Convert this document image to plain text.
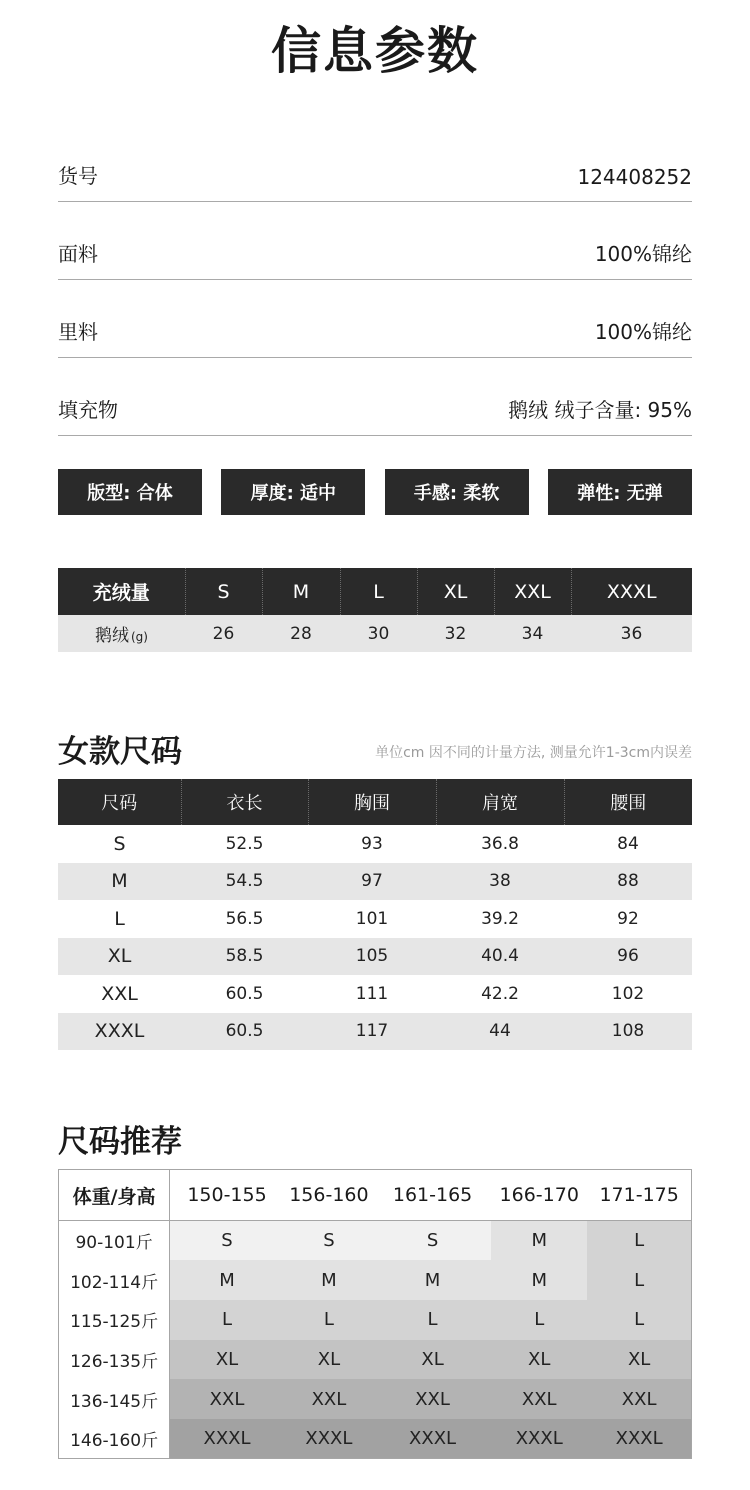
信息参数
货号	124408252
面料	100%锦纶
里料	100%锦纶
填充物	鹅绒 绒子含量: 95%
版型: 合体	厚度: 适中	手感: 柔软	弹性: 无弹
充绒量	S	M	L	XL	XXL	XXXL
鹅绒 (g)	26	28	30	32	34	36
女款尺码	单位cm 因不同的计量方法, 测量允许1-3cm内误差
尺码	衣长	胸围	肩宽	腰围
S	52.5	93	36.8	84
M	54.5	97	38	88
L	56.5	101	39.2	92
XL	58.5	105	40.4	96
XXL	60.5	111	42.2	102
XXXL	60.5	117	44	108
尺码推荐
体重/身高	150-155	156-160	161-165	166-170	171-175
90-101斤	S	S	S	M	L
102-114斤	M	M	M	M	L
115-125斤	L	L	L	L	L
126-135斤	XL	XL	XL	XL	XL
136-145斤	XXL	XXL	XXL	XXL	XXL
146-160斤	XXXL	XXXL	XXXL	XXXL	XXXL
